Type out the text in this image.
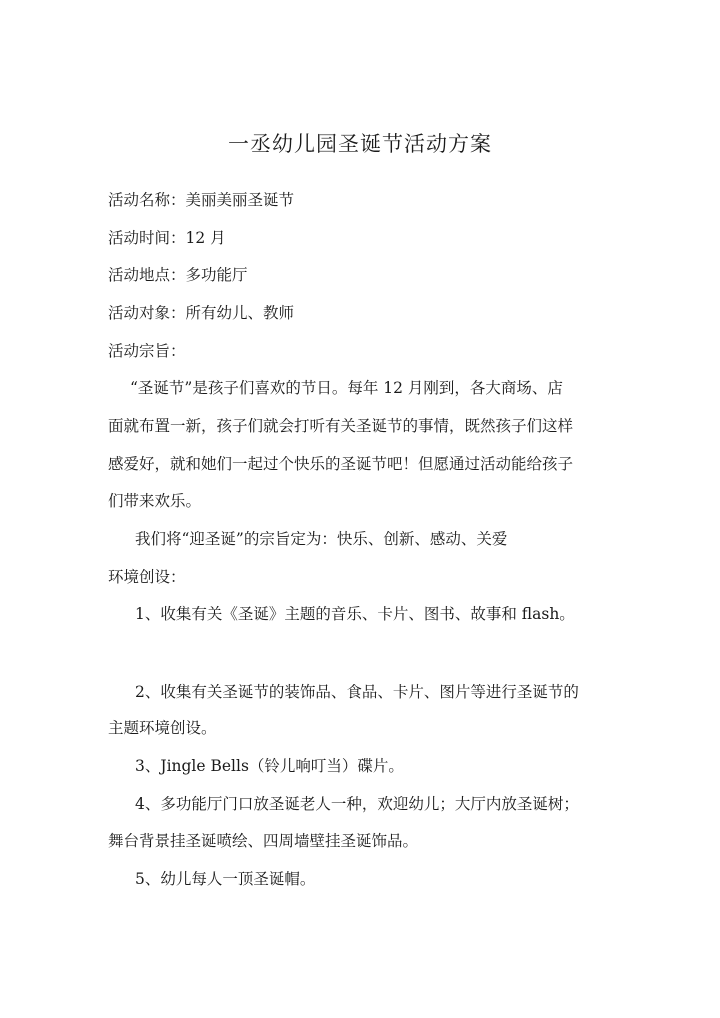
一丞幼儿园圣诞节活动方案
活动名称：美丽美丽圣诞节
活动时间：12 月
活动地点：多功能厅
活动对象：所有幼儿、教师
活动宗旨：
“圣诞节”是孩子们喜欢的节日。每年 12 月刚到，各大商场、店
面就布置一新，孩子们就会打听有关圣诞节的事情，既然孩子们这样
感爱好，就和她们一起过个快乐的圣诞节吧！但愿通过活动能给孩子
们带来欢乐。
我们将“迎圣诞”的宗旨定为：快乐、创新、感动、关爱
环境创设：
1、收集有关《圣诞》主题的音乐、卡片、图书、故事和 flash。
2、收集有关圣诞节的装饰品、食品、卡片、图片等进行圣诞节的
主题环境创设。
3、Jingle Bells（铃儿响叮当）碟片。
4、多功能厅门口放圣诞老人一种，欢迎幼儿；大厅内放圣诞树；
舞台背景挂圣诞喷绘、四周墙壁挂圣诞饰品。
5、幼儿每人一顶圣诞帽。
